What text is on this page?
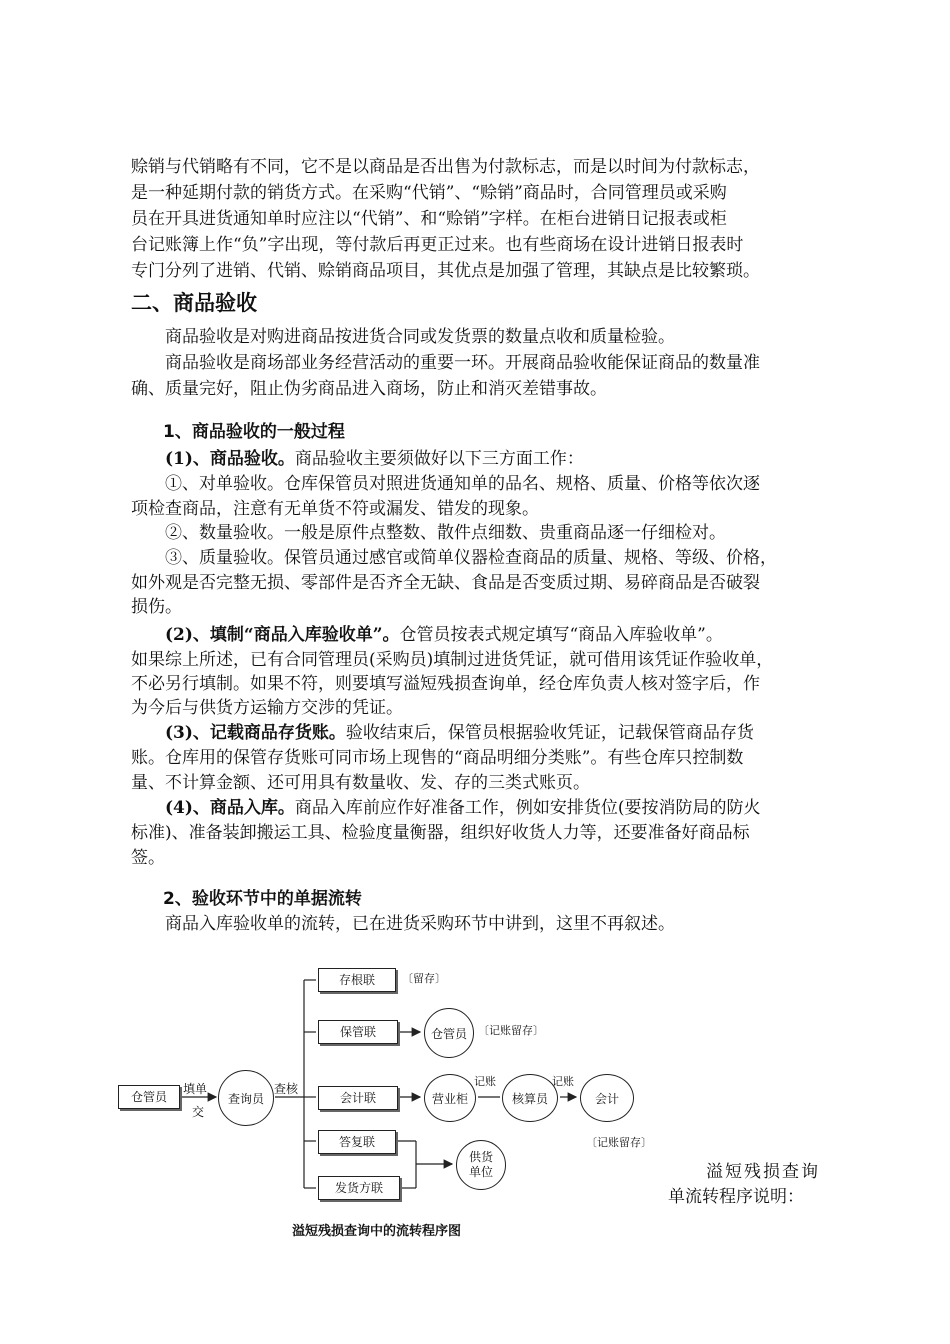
赊销与代销略有不同，它不是以商品是否出售为付款标志，而是以时间为付款标志，
是一种延期付款的销货方式。在采购“代销”、“赊销”商品时，合同管理员或采购
员在开具进货通知单时应注以“代销”、和“赊销”字样。在柜台进销日记报表或柜
台记账簿上作“负”字出现，等付款后再更正过来。也有些商场在设计进销日报表时
专门分列了进销、代销、赊销商品项目，其优点是加强了管理，其缺点是比较繁琐。
二、商品验收
商品验收是对购进商品按进货合同或发货票的数量点收和质量检验。
商品验收是商场部业务经营活动的重要一环。开展商品验收能保证商品的数量准
确、质量完好，阻止伪劣商品进入商场，防止和消灭差错事故。
1、商品验收的一般过程
(1)、商品验收。商品验收主要须做好以下三方面工作：
①、对单验收。仓库保管员对照进货通知单的品名、规格、质量、价格等依次逐
项检查商品，注意有无单货不符或漏发、错发的现象。
②、数量验收。一般是原件点整数、散件点细数、贵重商品逐一仔细检对。
③、质量验收。保管员通过感官或简单仪器检查商品的质量、规格、等级、价格，
如外观是否完整无损、零部件是否齐全无缺、食品是否变质过期、易碎商品是否破裂
损伤。
(2)、填制“商品入库验收单”。仓管员按表式规定填写“商品入库验收单”。
如果综上所述，已有合同管理员(采购员)填制过进货凭证，就可借用该凭证作验收单，
不必另行填制。如果不符，则要填写溢短残损查询单，经仓库负责人核对签字后，作
为今后与供货方运输方交涉的凭证。
(3)、记载商品存货账。验收结束后，保管员根据验收凭证，记载保管商品存货
账。仓库用的保管存货账可同市场上现售的“商品明细分类账”。有些仓库只控制数
量、不计算金额、还可用具有数量收、发、存的三类式账页。
(4)、商品入库。商品入库前应作好准备工作，例如安排货位(要按消防局的防火
标准)、准备装卸搬运工具、检验度量衡器，组织好收货人力等，还要准备好商品标
签。
2、验收环节中的单据流转
商品入库验收单的流转，已在进货采购环节中讲到，这里不再叙述。
仓管员
填单
交
查询员
查核
存根联	〔留存〕
保管联	仓管员	〔记账留存〕
会计联	营业柜
记账
核算员
记账
会计
〔记账留存〕
答复联
发货方联
供货
单位
溢短残损查询中的流转程序图
溢短残损查询
单流转程序说明：
